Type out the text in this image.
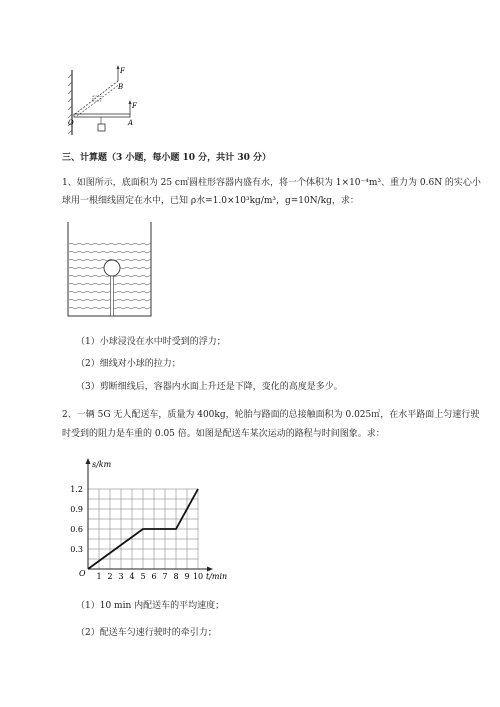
F
B
F
O	A
三、计算题（3 小题，每小题 10 分，共计 30 分）
1、如图所示，底面积为 25 c㎡圆柱形容器内盛有水，将一个体积为 1×10⁻⁴m³、重力为 0.6N 的实心小
球用一根细线固定在水中，已知 ρ水=1.0×10³kg/m³，g=10N/kg，求：
（1）小球浸没在水中时受到的浮力；
（2）细线对小球的拉力；
（3）剪断细线后，容器内水面上升还是下降，变化的高度是多少。
2、一辆 5G 无人配送车，质量为 400kg，轮胎与路面的总接触面积为 0.025㎡，在水平路面上匀速行驶
时受到的阻力是车重的 0.05 倍。如图是配送车某次运动的路程与时间图象。求：
1 2 3 4 5 6 7 8 9 10
0.3
0.6
0.9
1.2
s/km
t/min
O
（1）10 min 内配送车的平均速度；
（2）配送车匀速行驶时的牵引力；
